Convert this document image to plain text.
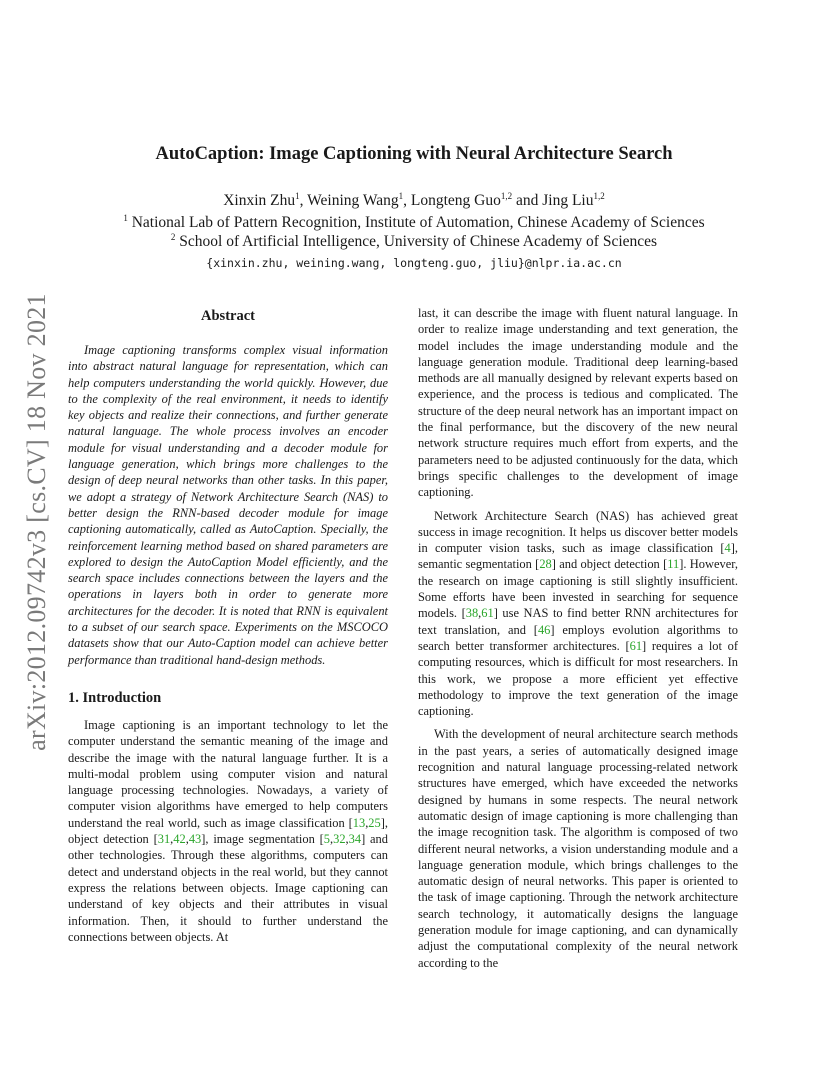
arXiv:2012.09742v3 [cs.CV] 18 Nov 2021
AutoCaption: Image Captioning with Neural Architecture Search

Xinxin Zhu$^1$, Weining Wang$^1$, Longteng Guo$^{1,2}$ and Jing Liu$^{1,2}$

$^1$ National Lab of Pattern Recognition, Institute of Automation, Chinese Academy of Sciences

$^2$ School of Artificial Intelligence, University of Chinese Academy of Sciences

{xinxin.zhu, weining.wang, longteng.guo, jliu}@nlpr.ia.ac.cn

Abstract

Image captioning transforms complex visual information into abstract natural language for representation, which can help computers understanding the world quickly. However, due to the complexity of the real environment, it needs to identify key objects and realize their connections, and further generate natural language. The whole process involves an encoder module for visual understanding and a decoder module for language generation, which brings more challenges to the design of deep neural networks than other tasks. In this paper, we adopt a strategy of Network Architecture Search (NAS) to better design the RNN-based decoder module for image captioning automatically, called as AutoCaption. Specially, the reinforcement learning method based on shared parameters are explored to design the AutoCaption Model efficiently, and the search space includes connections between the layers and the operations in layers both in order to generate more architectures for the decoder. It is noted that RNN is equivalent to a subset of our search space. Experiments on the MSCOCO datasets show that our Auto-Caption model can achieve better performance than traditional hand-design methods.

1. Introduction

Image captioning is an important technology to let the computer understand the semantic meaning of the image and describe the image with the natural language further. It is a multi-modal problem using computer vision and natural language processing technologies. Nowadays, a variety of computer vision algorithms have emerged to help computers understand the real world, such as image classification [13,25], object detection [31,42,43], image segmentation [5,32,34] and other technologies. Through these algorithms, computers can detect and understand objects in the real world, but they cannot express the relations between objects. Image captioning can understand of key objects and their attributes in visual information. Then, it should to further understand the connections between objects. At

last, it can describe the image with fluent natural language. In order to realize image understanding and text generation, the model includes the image understanding module and the language generation module. Traditional deep learning-based methods are all manually designed by relevant experts based on experience, and the process is tedious and complicated. The structure of the deep neural network has an important impact on the final performance, but the discovery of the new neural network structure requires much effort from experts, and the parameters need to be adjusted continuously for the data, which brings specific challenges to the development of image captioning.

Network Architecture Search (NAS) has achieved great success in image recognition. It helps us discover better models in computer vision tasks, such as image classification [4], semantic segmentation [28] and object detection [11]. However, the research on image captioning is still slightly insufficient. Some efforts have been invested in searching for sequence models. [38,61] use NAS to find better RNN architectures for text translation, and [46] employs evolution algorithms to search better transformer architectures. [61] requires a lot of computing resources, which is difficult for most researchers. In this work, we propose a more efficient yet effective methodology to improve the text generation of the image captioning.

With the development of neural architecture search methods in the past years, a series of automatically designed image recognition and natural language processing-related network structures have emerged, which have exceeded the networks designed by humans in some respects. The neural network automatic design of image captioning is more challenging than the image recognition task. The algorithm is composed of two different neural networks, a vision understanding module and a language generation module, which brings challenges to the automatic design of neural networks. This paper is oriented to the task of image captioning. Through the network architecture search technology, it automatically designs the language generation module for image captioning, and can dynamically adjust the computational complexity of the neural network according to the
